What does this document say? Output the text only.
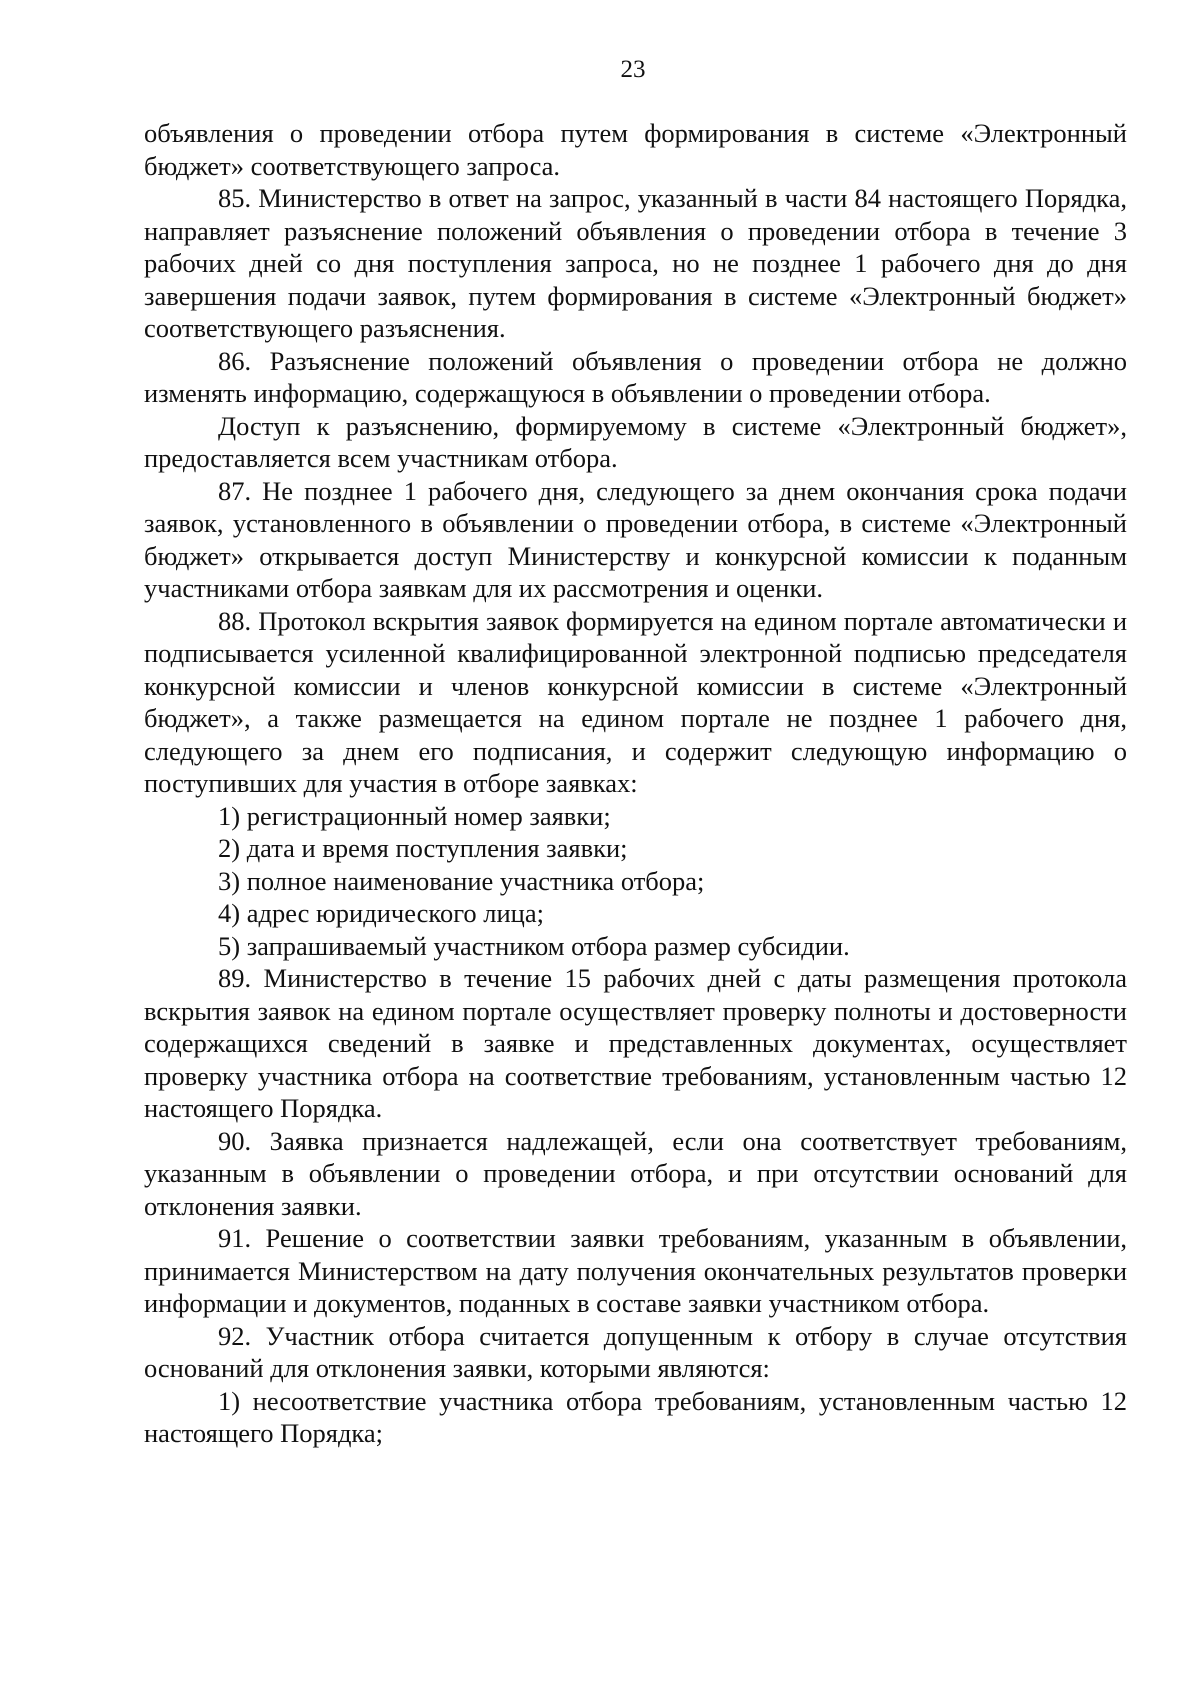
23

объявления о проведении отбора путем формирования в системе «Электронный бюджет» соответствующего запроса.

85. Министерство в ответ на запрос, указанный в части 84 настоящего Порядка, направляет разъяснение положений объявления о проведении отбора в течение 3 рабочих дней со дня поступления запроса, но не позднее 1 рабочего дня до дня завершения подачи заявок, путем формирования в системе «Электронный бюджет» соответствующего разъяснения.

86. Разъяснение положений объявления о проведении отбора не должно изменять информацию, содержащуюся в объявлении о проведении отбора.

Доступ к разъяснению, формируемому в системе «Электронный бюджет», предоставляется всем участникам отбора.

87. Не позднее 1 рабочего дня, следующего за днем окончания срока подачи заявок, установленного в объявлении о проведении отбора, в системе «Электронный бюджет» открывается доступ Министерству и конкурсной комиссии к поданным участниками отбора заявкам для их рассмотрения и оценки.

88. Протокол вскрытия заявок формируется на едином портале автоматически и подписывается усиленной квалифицированной электронной подписью председателя конкурсной комиссии и членов конкурсной комиссии в системе «Электронный бюджет», а также размещается на едином портале не позднее 1 рабочего дня, следующего за днем его подписания, и содержит следующую информацию о поступивших для участия в отборе заявках:

1) регистрационный номер заявки;

2) дата и время поступления заявки;

3) полное наименование участника отбора;

4) адрес юридического лица;

5) запрашиваемый участником отбора размер субсидии.

89. Министерство в течение 15 рабочих дней с даты размещения протокола вскрытия заявок на едином портале осуществляет проверку полноты и достоверности содержащихся сведений в заявке и представленных документах, осуществляет проверку участника отбора на соответствие требованиям, установленным частью 12 настоящего Порядка.

90. Заявка признается надлежащей, если она соответствует требованиям, указанным в объявлении о проведении отбора, и при отсутствии оснований для отклонения заявки.

91. Решение о соответствии заявки требованиям, указанным в объявлении, принимается Министерством на дату получения окончательных результатов проверки информации и документов, поданных в составе заявки участником отбора.

92. Участник отбора считается допущенным к отбору в случае отсутствия оснований для отклонения заявки, которыми являются:

1) несоответствие участника отбора требованиям, установленным частью 12 настоящего Порядка;
